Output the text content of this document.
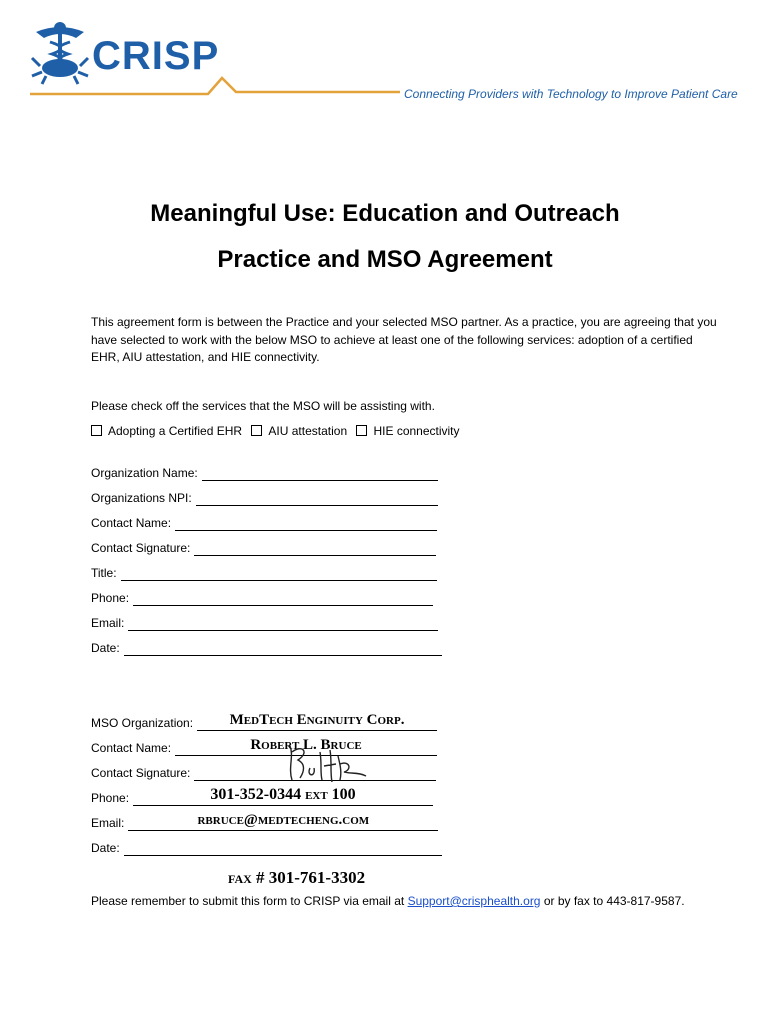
CRISP
Connecting Providers with Technology to Improve Patient Care
Meaningful Use: Education and Outreach
Practice and MSO Agreement

This agreement form is between the Practice and your selected MSO partner. As a practice, you are agreeing that you have selected to work with the below MSO to achieve at least one of the following services: adoption of a certified EHR, AIU attestation, and HIE connectivity.

Please check off the services that the MSO will be assisting with.

Adopting a Certified EHR AIU attestation HIE connectivity
Organization Name:
Organizations NPI:
Contact Name:
Contact Signature:
Title:
Phone:
Email:
Date:
MSO Organization:	MedTech Enginuity Corp.
Contact Name:	Robert L. Bruce
Contact Signature:
Phone:	301-352-0344 ext 100
Email:	rbruce@medtecheng.com
Date:
fax # 301-761-3302
Please remember to submit this form to CRISP via email at Support@crisphealth.org or by fax to 443-817-9587.
